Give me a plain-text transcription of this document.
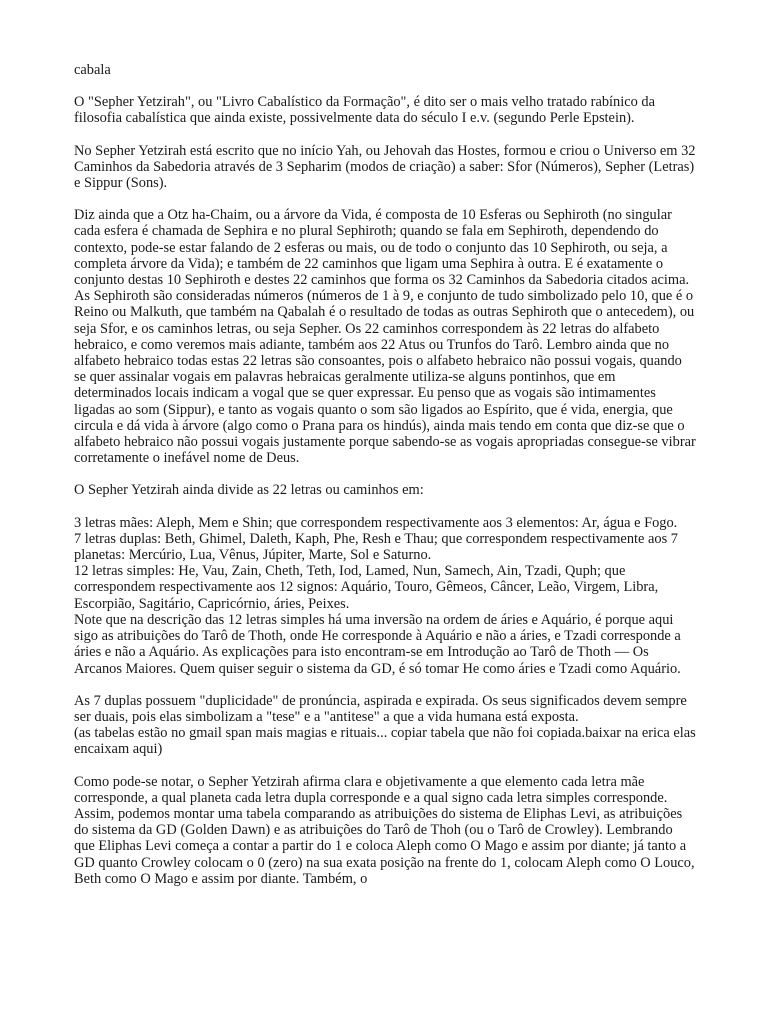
cabala

O "Sepher Yetzirah", ou "Livro Cabalístico da Formação", é dito ser o mais velho tratado rabínico da filosofia cabalística que ainda existe, possivelmente data do século I e.v. (segundo Perle Epstein).

No Sepher Yetzirah está escrito que no início Yah, ou Jehovah das Hostes, formou e criou o Universo em 32 Caminhos da Sabedoria através de 3 Sepharim (modos de criação) a saber: Sfor (Números), Sepher (Letras) e Sippur (Sons).

Diz ainda que a Otz ha-Chaim, ou a árvore da Vida, é composta de 10 Esferas ou Sephiroth (no singular cada esfera é chamada de Sephira e no plural Sephiroth; quando se fala em Sephiroth, dependendo do contexto, pode-se estar falando de 2 esferas ou mais, ou de todo o conjunto das 10 Sephiroth, ou seja, a completa árvore da Vida); e também de 22 caminhos que ligam uma Sephira à outra. E é exatamente o conjunto destas 10 Sephiroth e destes 22 caminhos que forma os 32 Caminhos da Sabedoria citados acima. As Sephiroth são consideradas números (números de 1 à 9, e conjunto de tudo simbolizado pelo 10, que é o Reino ou Malkuth, que também na Qabalah é o resultado de todas as outras Sephiroth que o antecedem), ou seja Sfor, e os caminhos letras, ou seja Sepher. Os 22 caminhos correspondem às 22 letras do alfabeto hebraico, e como veremos mais adiante, também aos 22 Atus ou Trunfos do Tarô. Lembro ainda que no alfabeto hebraico todas estas 22 letras são consoantes, pois o alfabeto hebraico não possui vogais, quando se quer assinalar vogais em palavras hebraicas geralmente utiliza-se alguns pontinhos, que em determinados locais indicam a vogal que se quer expressar. Eu penso que as vogais são intimamentes ligadas ao som (Sippur), e tanto as vogais quanto o som são ligados ao Espírito, que é vida, energia, que circula e dá vida à árvore (algo como o Prana para os hindús), ainda mais tendo em conta que diz-se que o alfabeto hebraico não possui vogais justamente porque sabendo-se as vogais apropriadas consegue-se vibrar corretamente o inefável nome de Deus.

O Sepher Yetzirah ainda divide as 22 letras ou caminhos em:

3 letras mães: Aleph, Mem e Shin; que correspondem respectivamente aos 3 elementos: Ar, água e Fogo.

7 letras duplas: Beth, Ghimel, Daleth, Kaph, Phe, Resh e Thau; que correspondem respectivamente aos 7 planetas: Mercúrio, Lua, Vênus, Júpiter, Marte, Sol e Saturno.

12 letras simples: He, Vau, Zain, Cheth, Teth, Iod, Lamed, Nun, Samech, Ain, Tzadi, Quph; que correspondem respectivamente aos 12 signos: Aquário, Touro, Gêmeos, Câncer, Leão, Virgem, Libra, Escorpião, Sagitário, Capricórnio, áries, Peixes.

Note que na descrição das 12 letras simples há uma inversão na ordem de áries e Aquário, é porque aqui sigo as atribuições do Tarô de Thoth, onde He corresponde à Aquário e não a áries, e Tzadi corresponde a áries e não a Aquário. As explicações para isto encontram-se em Introdução ao Tarô de Thoth — Os Arcanos Maiores. Quem quiser seguir o sistema da GD, é só tomar He como áries e Tzadi como Aquário.

As 7 duplas possuem "duplicidade" de pronúncia, aspirada e expirada. Os seus significados devem sempre ser duais, pois elas simbolizam a "tese" e a "antitese" a que a vida humana está exposta.

(as tabelas estão no gmail span mais magias e rituais... copiar tabela que não foi copiada.baixar na erica elas encaixam aqui)

Como pode-se notar, o Sepher Yetzirah afirma clara e objetivamente a que elemento cada letra mãe corresponde, a qual planeta cada letra dupla corresponde e a qual signo cada letra simples corresponde. Assim, podemos montar uma tabela comparando as atribuições do sistema de Eliphas Levi, as atribuições do sistema da GD (Golden Dawn) e as atribuições do Tarô de Thoh (ou o Tarô de Crowley). Lembrando que Eliphas Levi começa a contar a partir do 1 e coloca Aleph como O Mago e assim por diante; já tanto a GD quanto Crowley colocam o 0 (zero) na sua exata posição na frente do 1, colocam Aleph como O Louco, Beth como O Mago e assim por diante. Também, o
